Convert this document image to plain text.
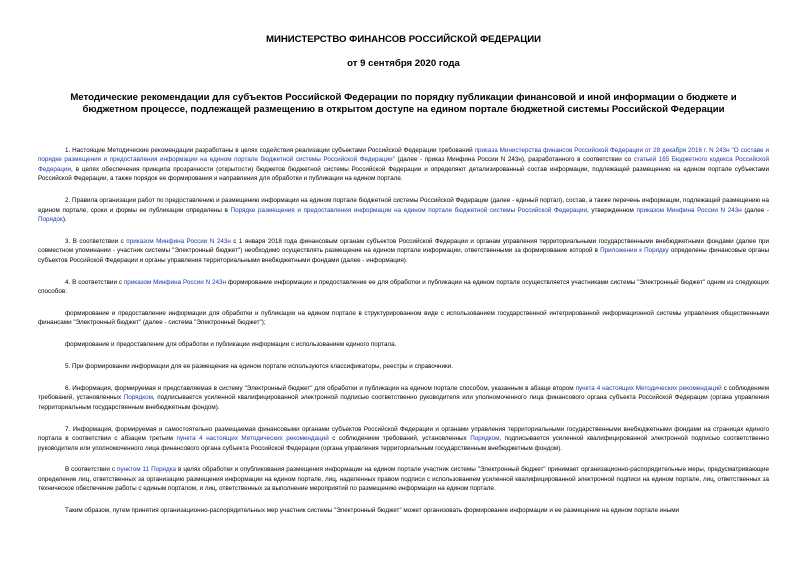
МИНИСТЕРСТВО ФИНАНСОВ РОССИЙСКОЙ ФЕДЕРАЦИИ
от 9 сентября 2020 года
Методические рекомендации для субъектов Российской Федерации по порядку публикации финансовой и иной информации о бюджете и бюджетном процессе, подлежащей размещению в открытом доступе на едином портале бюджетной системы Российской Федерации

1. Настоящие Методические рекомендации разработаны в целях содействия реализации субъектами Российской Федерации требований приказа Министерства финансов Российской Федерации от 28 декабря 2016 г. N 243н "О составе и порядке размещения и предоставления информации на едином портале бюджетной системы Российской Федерации" (далее - приказ Минфина России N 243н), разработанного в соответствии со статьей 165 Бюджетного кодекса Российской Федерации, в целях обеспечения принципа прозрачности (открытости) бюджетов бюджетной системы Российской Федерации и определяют детализированный состав информации, подлежащей размещению на едином портале субъектами Российской Федерации, а также порядок ее формирования и направления для обработки и публикации на едином портале.

2. Правила организации работ по предоставлению и размещению информации на едином портале бюджетной системы Российской Федерации (далее - единый портал), состав, а также перечень информации, подлежащей размещению на едином портале, сроки и формы ее публикации определены в Порядке размещения и предоставления информации на едином портале бюджетной системы Российской Федерации, утвержденном приказом Минфина России N 243н (далее - Порядок).

3. В соответствии с приказом Минфина России N 243н с 1 января 2018 года финансовым органам субъектов Российской Федерации и органам управления территориальными государственными внебюджетными фондами (далее при совместном упоминании - участник системы "Электронный бюджет") необходимо осуществлять размещение на едином портале информации, ответственными за формирование которой в Приложении к Порядку определены финансовые органы субъектов Российской Федерации и органы управления территориальными внебюджетными фондами (далее - информация).

4. В соответствии с приказом Минфина России N 243н формирование информации и предоставление ее для обработки и публикации на едином портале осуществляется участниками системы "Электронный бюджет" одним из следующих способов:

формирование и предоставление информации для обработки и публикации на едином портале в структурированном виде с использованием государственной интегрированной информационной системы управления общественными финансами "Электронный бюджет" (далее - система "Электронный бюджет");

формирование и предоставление для обработки и публикации информации с использованием единого портала.

5. При формировании информации для ее размещения на едином портале используются классификаторы, реестры и справочники.

6. Информация, формируемая и представляемая в систему "Электронный бюджет" для обработки и публикации на едином портале способом, указанным в абзаце втором пункта 4 настоящих Методических рекомендаций с соблюдением требований, установленных Порядком, подписывается усиленной квалифицированной электронной подписью соответственно руководителя или уполномоченного лица финансового органа субъекта Российской Федерации (органа управления территориальным государственным внебюджетным фондом).

7. Информация, формируемая и самостоятельно размещаемая финансовыми органами субъектов Российской Федерации и органами управления территориальными государственными внебюджетными фондами на страницах единого портала в соответствии с абзацем третьим пункта 4 настоящих Методических рекомендаций с соблюдением требований, установленных Порядком, подписывается усиленной квалифицированной электронной подписью соответственно руководителя или уполномоченного лица финансового органа субъекта Российской Федерации (органа управления территориальным государственным внебюджетным фондом).

В соответствии с пунктом 11 Порядка в целях обработки и опубликования размещения информации на едином портале участник системы "Электронный бюджет" принимает организационно-распорядительные меры, предусматривающие определение лиц, ответственных за организацию размещения информации на едином портале, лиц, наделенных правом подписи с использованием усиленной квалифицированной электронной подписи на едином портале, лиц, ответственных за техническое обеспечение работы с единым порталом, и лиц, ответственных за выполнение мероприятий по размещению информации на едином портале.

Таким образом, путем принятия организационно-распорядительных мер участник системы "Электронный бюджет" может организовать формирование информации и ее размещение на едином портале иными
